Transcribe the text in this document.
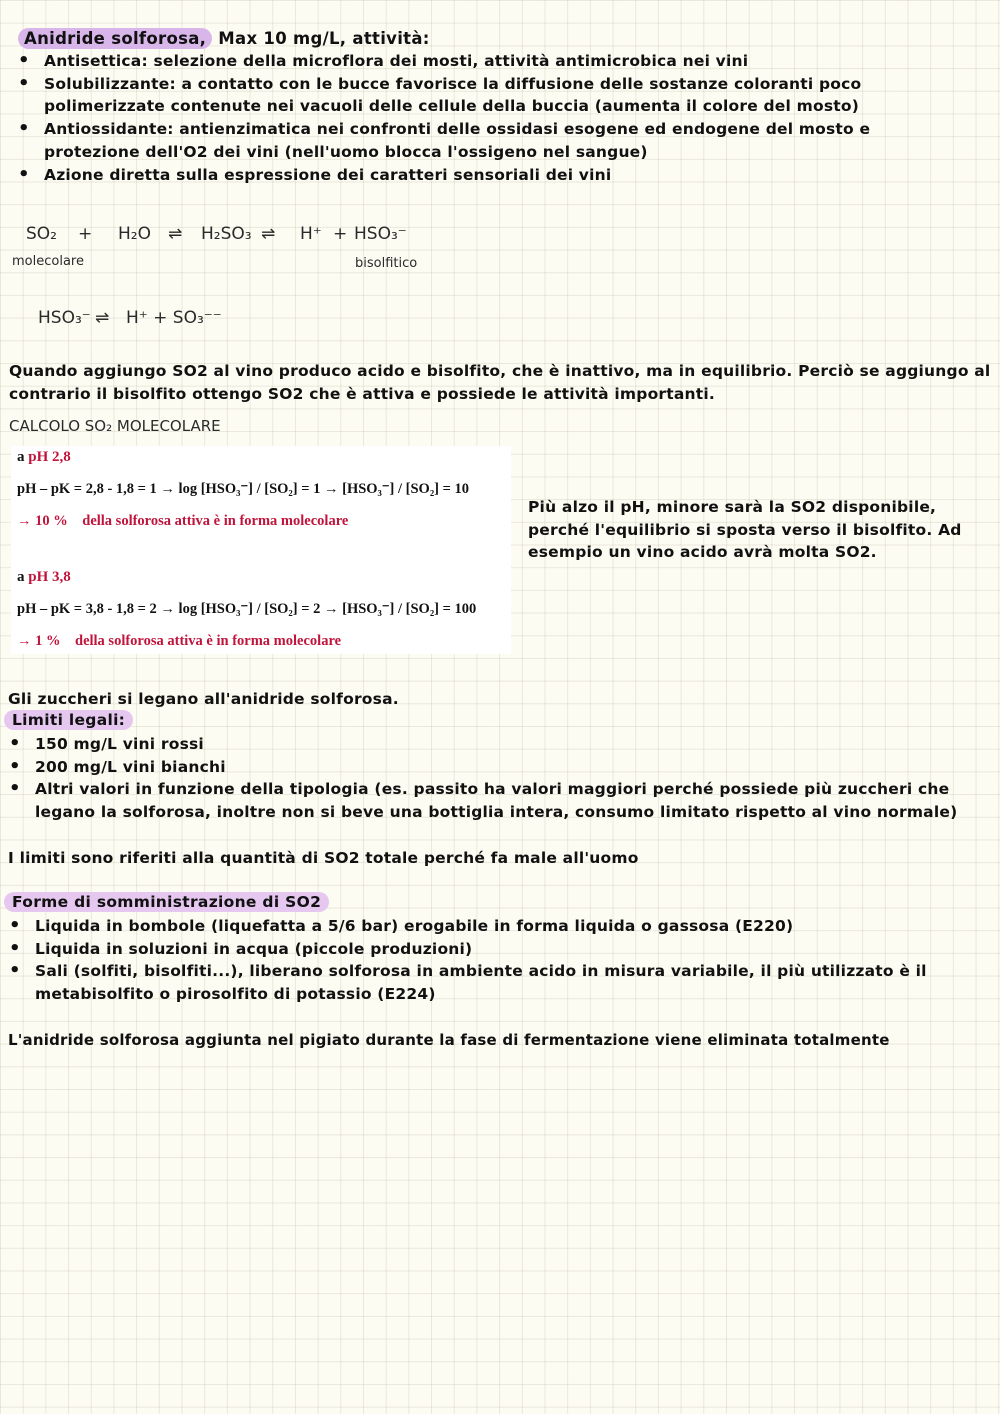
Anidride solforosa, Max 10 mg/L, attività:
• Antisettica: selezione della microflora dei mosti, attività antimicrobica nei vini
• Solubilizzante: a contatto con le bucce favorisce la diffusione delle sostanze coloranti poco polimerizzate contenute nei vacuoli delle cellule della buccia (aumenta il colore del mosto)
• Antiossidante: antienzimatica nei confronti delle ossidasi esogene ed endogene del mosto e protezione dell'O2 dei vini (nell'uomo blocca l'ossigeno nel sangue)
• Azione diretta sulla espressione dei caratteri sensoriali dei vini
SO₂ + H₂O ⇌ H₂SO₃ ⇌ H⁺ + HSO₃⁻
molecolare	bisolfitico
HSO₃⁻ ⇌ H⁺ + SO₃⁻⁻
Quando aggiungo SO2 al vino produco acido e bisolfito, che è inattivo, ma in equilibrio. Perciò se aggiungo al contrario il bisolfito ottengo SO2 che è attiva e possiede le attività importanti.
CALCOLO SO₂ MOLECOLARE
a pH 2,8
pH – pK = 2,8 - 1,8 = 1 → log [HSO₃⁻] / [SO₂] = 1 → [HSO₃⁻] / [SO₂] = 10
→ 10 % della solforosa attiva è in forma molecolare
a pH 3,8
pH – pK = 3,8 - 1,8 = 2 → log [HSO₃⁻] / [SO₂] = 2 → [HSO₃⁻] / [SO₂] = 100
→ 1 % della solforosa attiva è in forma molecolare
Più alzo il pH, minore sarà la SO2 disponibile, perché l'equilibrio si sposta verso il bisolfito. Ad esempio un vino acido avrà molta SO2.
Gli zuccheri si legano all'anidride solforosa.
Limiti legali:
• 150 mg/L vini rossi
• 200 mg/L vini bianchi
• Altri valori in funzione della tipologia (es. passito ha valori maggiori perché possiede più zuccheri che legano la solforosa, inoltre non si beve una bottiglia intera, consumo limitato rispetto al vino normale)
I limiti sono riferiti alla quantità di SO2 totale perché fa male all'uomo
Forme di somministrazione di SO2
• Liquida in bombole (liquefatta a 5/6 bar) erogabile in forma liquida o gassosa (E220)
• Liquida in soluzioni in acqua (piccole produzioni)
• Sali (solfiti, bisolfiti...), liberano solforosa in ambiente acido in misura variabile, il più utilizzato è il metabisolfito o pirosolfito di potassio (E224)
L'anidride solforosa aggiunta nel pigiato durante la fase di fermentazione viene eliminata totalmente
